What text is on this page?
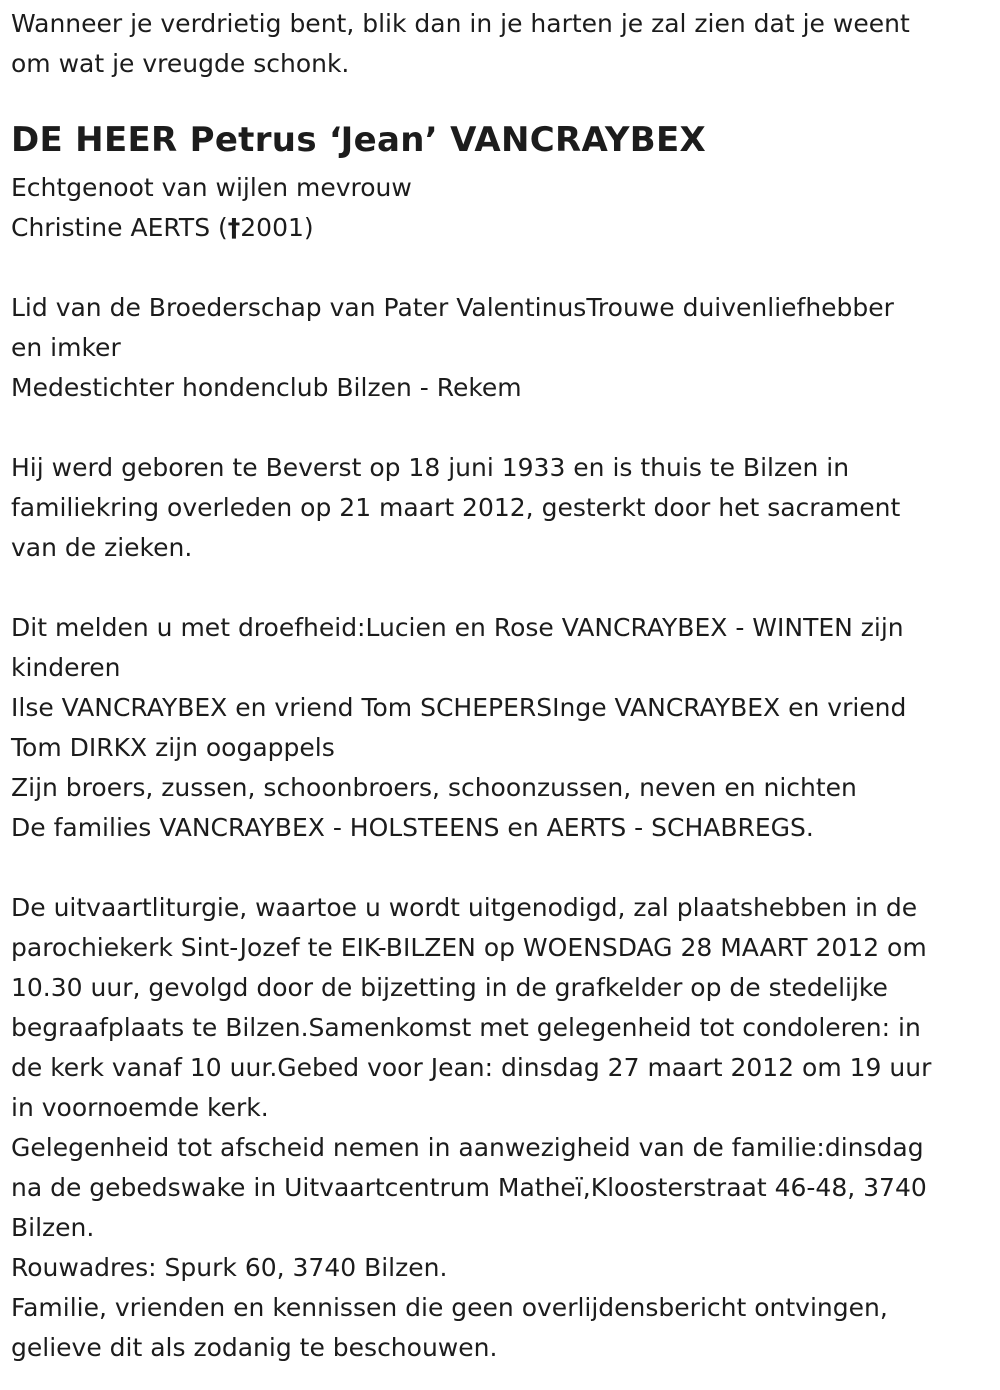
Wanneer je verdrietig bent, blik dan in je harten je zal zien dat je weent
om wat je vreugde schonk.
DE HEER Petrus ‘Jean’ VANCRAYBEX
Echtgenoot van wijlen mevrouw
Christine AERTS (†2001)
Lid van de Broederschap van Pater ValentinusTrouwe duivenliefhebber
en imker
Medestichter hondenclub Bilzen - Rekem
Hij werd geboren te Beverst op 18 juni 1933 en is thuis te Bilzen in
familiekring overleden op 21 maart 2012, gesterkt door het sacrament
van de zieken.
Dit melden u met droefheid:Lucien en Rose VANCRAYBEX - WINTEN zijn
kinderen
Ilse VANCRAYBEX en vriend Tom SCHEPERSInge VANCRAYBEX en vriend
Tom DIRKX zijn oogappels
Zijn broers, zussen, schoonbroers, schoonzussen, neven en nichten
De families VANCRAYBEX - HOLSTEENS en AERTS - SCHABREGS.
De uitvaartliturgie, waartoe u wordt uitgenodigd, zal plaatshebben in de
parochiekerk Sint-Jozef te EIK-BILZEN op WOENSDAG 28 MAART 2012 om
10.30 uur, gevolgd door de bijzetting in de grafkelder op de stedelijke
begraafplaats te Bilzen.Samenkomst met gelegenheid tot condoleren: in
de kerk vanaf 10 uur.Gebed voor Jean: dinsdag 27 maart 2012 om 19 uur
in voornoemde kerk.
Gelegenheid tot afscheid nemen in aanwezigheid van de familie:dinsdag
na de gebedswake in Uitvaartcentrum Matheï,Kloosterstraat 46-48, 3740
Bilzen.
Rouwadres: Spurk 60, 3740 Bilzen.
Familie, vrienden en kennissen die geen overlijdensbericht ontvingen,
gelieve dit als zodanig te beschouwen.
